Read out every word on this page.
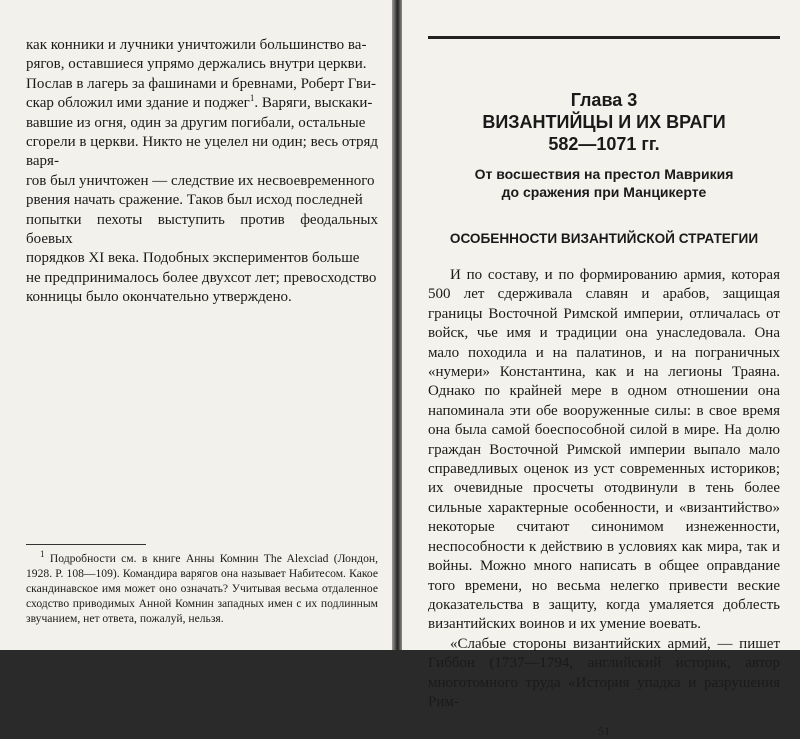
как конники и лучники уничтожили большинство ва-

рягов, оставшиеся упрямо держались внутри церкви.

Послав в лагерь за фашинами и бревнами, Роберт Гви-

скар обложил ими здание и поджег$^1$. Варяги, выскаки-

вавшие из огня, один за другим погибали, остальные

сгорели в церкви. Никто не уцелел ни один; весь отряд варя-

гов был уничтожен — следствие их несвоевременного

рвения начать сражение. Таков был исход последней

попытки пехоты выступить против феодальных боевых

порядков XI века. Подобных экспериментов больше

не предпринималось более двухсот лет; превосходство

конницы было окончательно утверждено.

$^1$ Подробности см. в книге Анны Комнин The Alexciad (Лондон, 1928. P. 108—109). Командира варягов она называет Набитесом. Какое скандинавское имя может оно означать? Учитывая весьма отдаленное сходство приводимых Анной Комнин западных имен с их подлинным звучанием, нет ответа, пожалуй, нельзя.

Глава 3
ВИЗАНТИЙЦЫ И ИХ ВРАГИ
582—1071 гг.
От восшествия на престол Маврикия
до сражения при Манцикерте
ОСОБЕННОСТИ ВИЗАНТИЙСКОЙ СТРАТЕГИИ

И по составу, и по формированию армия, которая 500 лет сдерживала славян и арабов, защищая границы Восточной Римской империи, отличалась от войск, чье имя и традиции она унаследовала. Она мало походила и на палатинов, и на пограничных «нумери» Константина, как и на легионы Траяна. Однако по крайней мере в одном отношении она напоминала эти обе вооруженные силы: в свое время она была самой боеспособной силой в мире. На долю граждан Восточной Римской империи выпало мало справедливых оценок из уст современных историков; их очевидные просчеты отодвинули в тень более сильные характерные особенности, и «византийство» некоторые считают синонимом изнеженности, неспособности к действию в условиях как мира, так и войны. Можно много написать в общее оправдание того времени, но весьма нелегко привести веские доказательства в защиту, когда умаляется доблесть византийских воинов и их умение воевать.

«Слабые стороны византийских армий, — пишет Гиббон (1737—1794, английский историк, автор многотомного труда «История упадка и разрушения Рим-

51
